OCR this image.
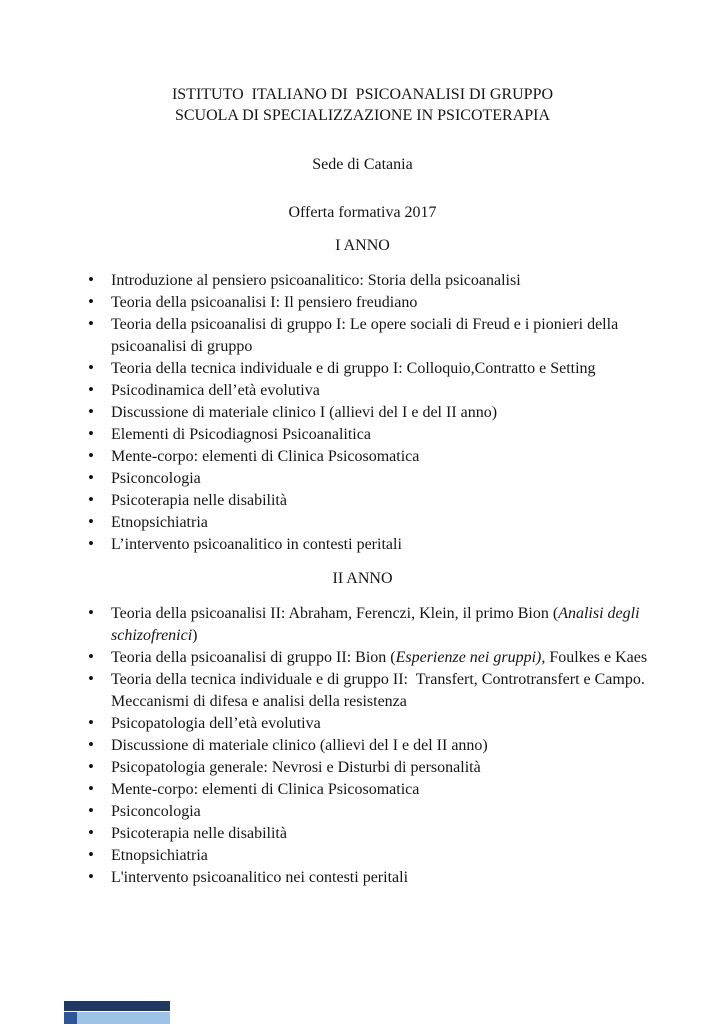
ISTITUTO  ITALIANO DI  PSICOANALISI DI GRUPPO
SCUOLA DI SPECIALIZZAZIONE IN PSICOTERAPIA
Sede di Catania
Offerta formativa 2017
I ANNO
• Introduzione al pensiero psicoanalitico: Storia della psicoanalisi
• Teoria della psicoanalisi I: Il pensiero freudiano
• Teoria della psicoanalisi di gruppo I: Le opere sociali di Freud e i pionieri della psicoanalisi di gruppo
• Teoria della tecnica individuale e di gruppo I: Colloquio,Contratto e Setting
• Psicodinamica dell’età evolutiva
• Discussione di materiale clinico I (allievi del I e del II anno)
• Elementi di Psicodiagnosi Psicoanalitica
• Mente-corpo: elementi di Clinica Psicosomatica
• Psiconcologia
• Psicoterapia nelle disabilità
• Etnopsichiatria
• L’intervento psicoanalitico in contesti peritali
II ANNO
• Teoria della psicoanalisi II: Abraham, Ferenczi, Klein, il primo Bion (Analisi degli schizofrenici)
• Teoria della psicoanalisi di gruppo II: Bion (Esperienze nei gruppi), Foulkes e Kaes
• Teoria della tecnica individuale e di gruppo II:  Transfert, Controtransfert e Campo. Meccanismi di difesa e analisi della resistenza
• Psicopatologia dell’età evolutiva
• Discussione di materiale clinico (allievi del I e del II anno)
• Psicopatologia generale: Nevrosi e Disturbi di personalità
• Mente-corpo: elementi di Clinica Psicosomatica
• Psiconcologia
• Psicoterapia nelle disabilità
• Etnopsichiatria
• L'intervento psicoanalitico nei contesti peritali
